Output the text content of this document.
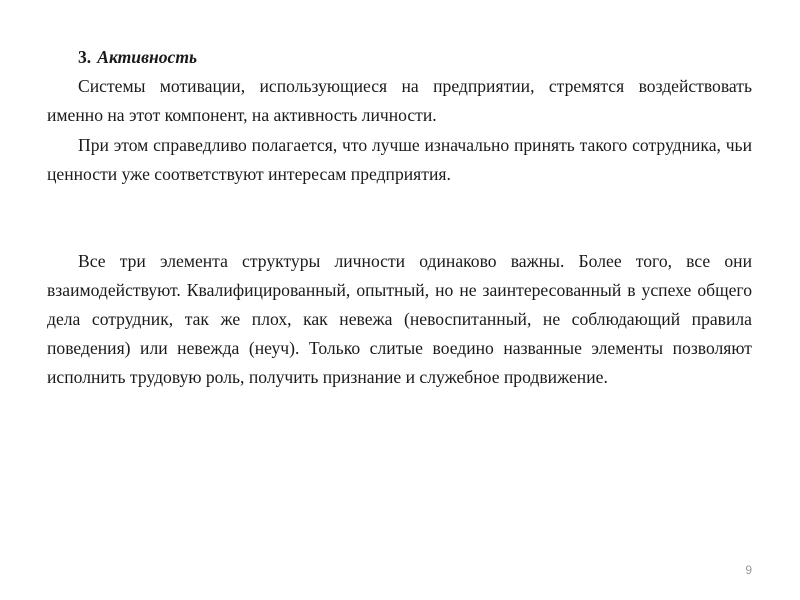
3. Активность

Системы мотивации, использующиеся на предприятии, стремятся воздействовать именно на этот компонент, на активность личности.

При этом справедливо полагается, что лучше изначально принять такого сотрудника, чьи ценности уже соответствуют интересам предприятия.

Все три элемента структуры личности одинаково важны. Более того, все они взаимодействуют. Квалифицированный, опытный, но не заинтересованный в успехе общего дела сотрудник, так же плох, как невежа (невоспитанный, не соблюдающий правила поведения) или невежда (неуч). Только слитые воедино названные элементы позволяют исполнить трудовую роль, получить признание и служебное продвижение.

9
